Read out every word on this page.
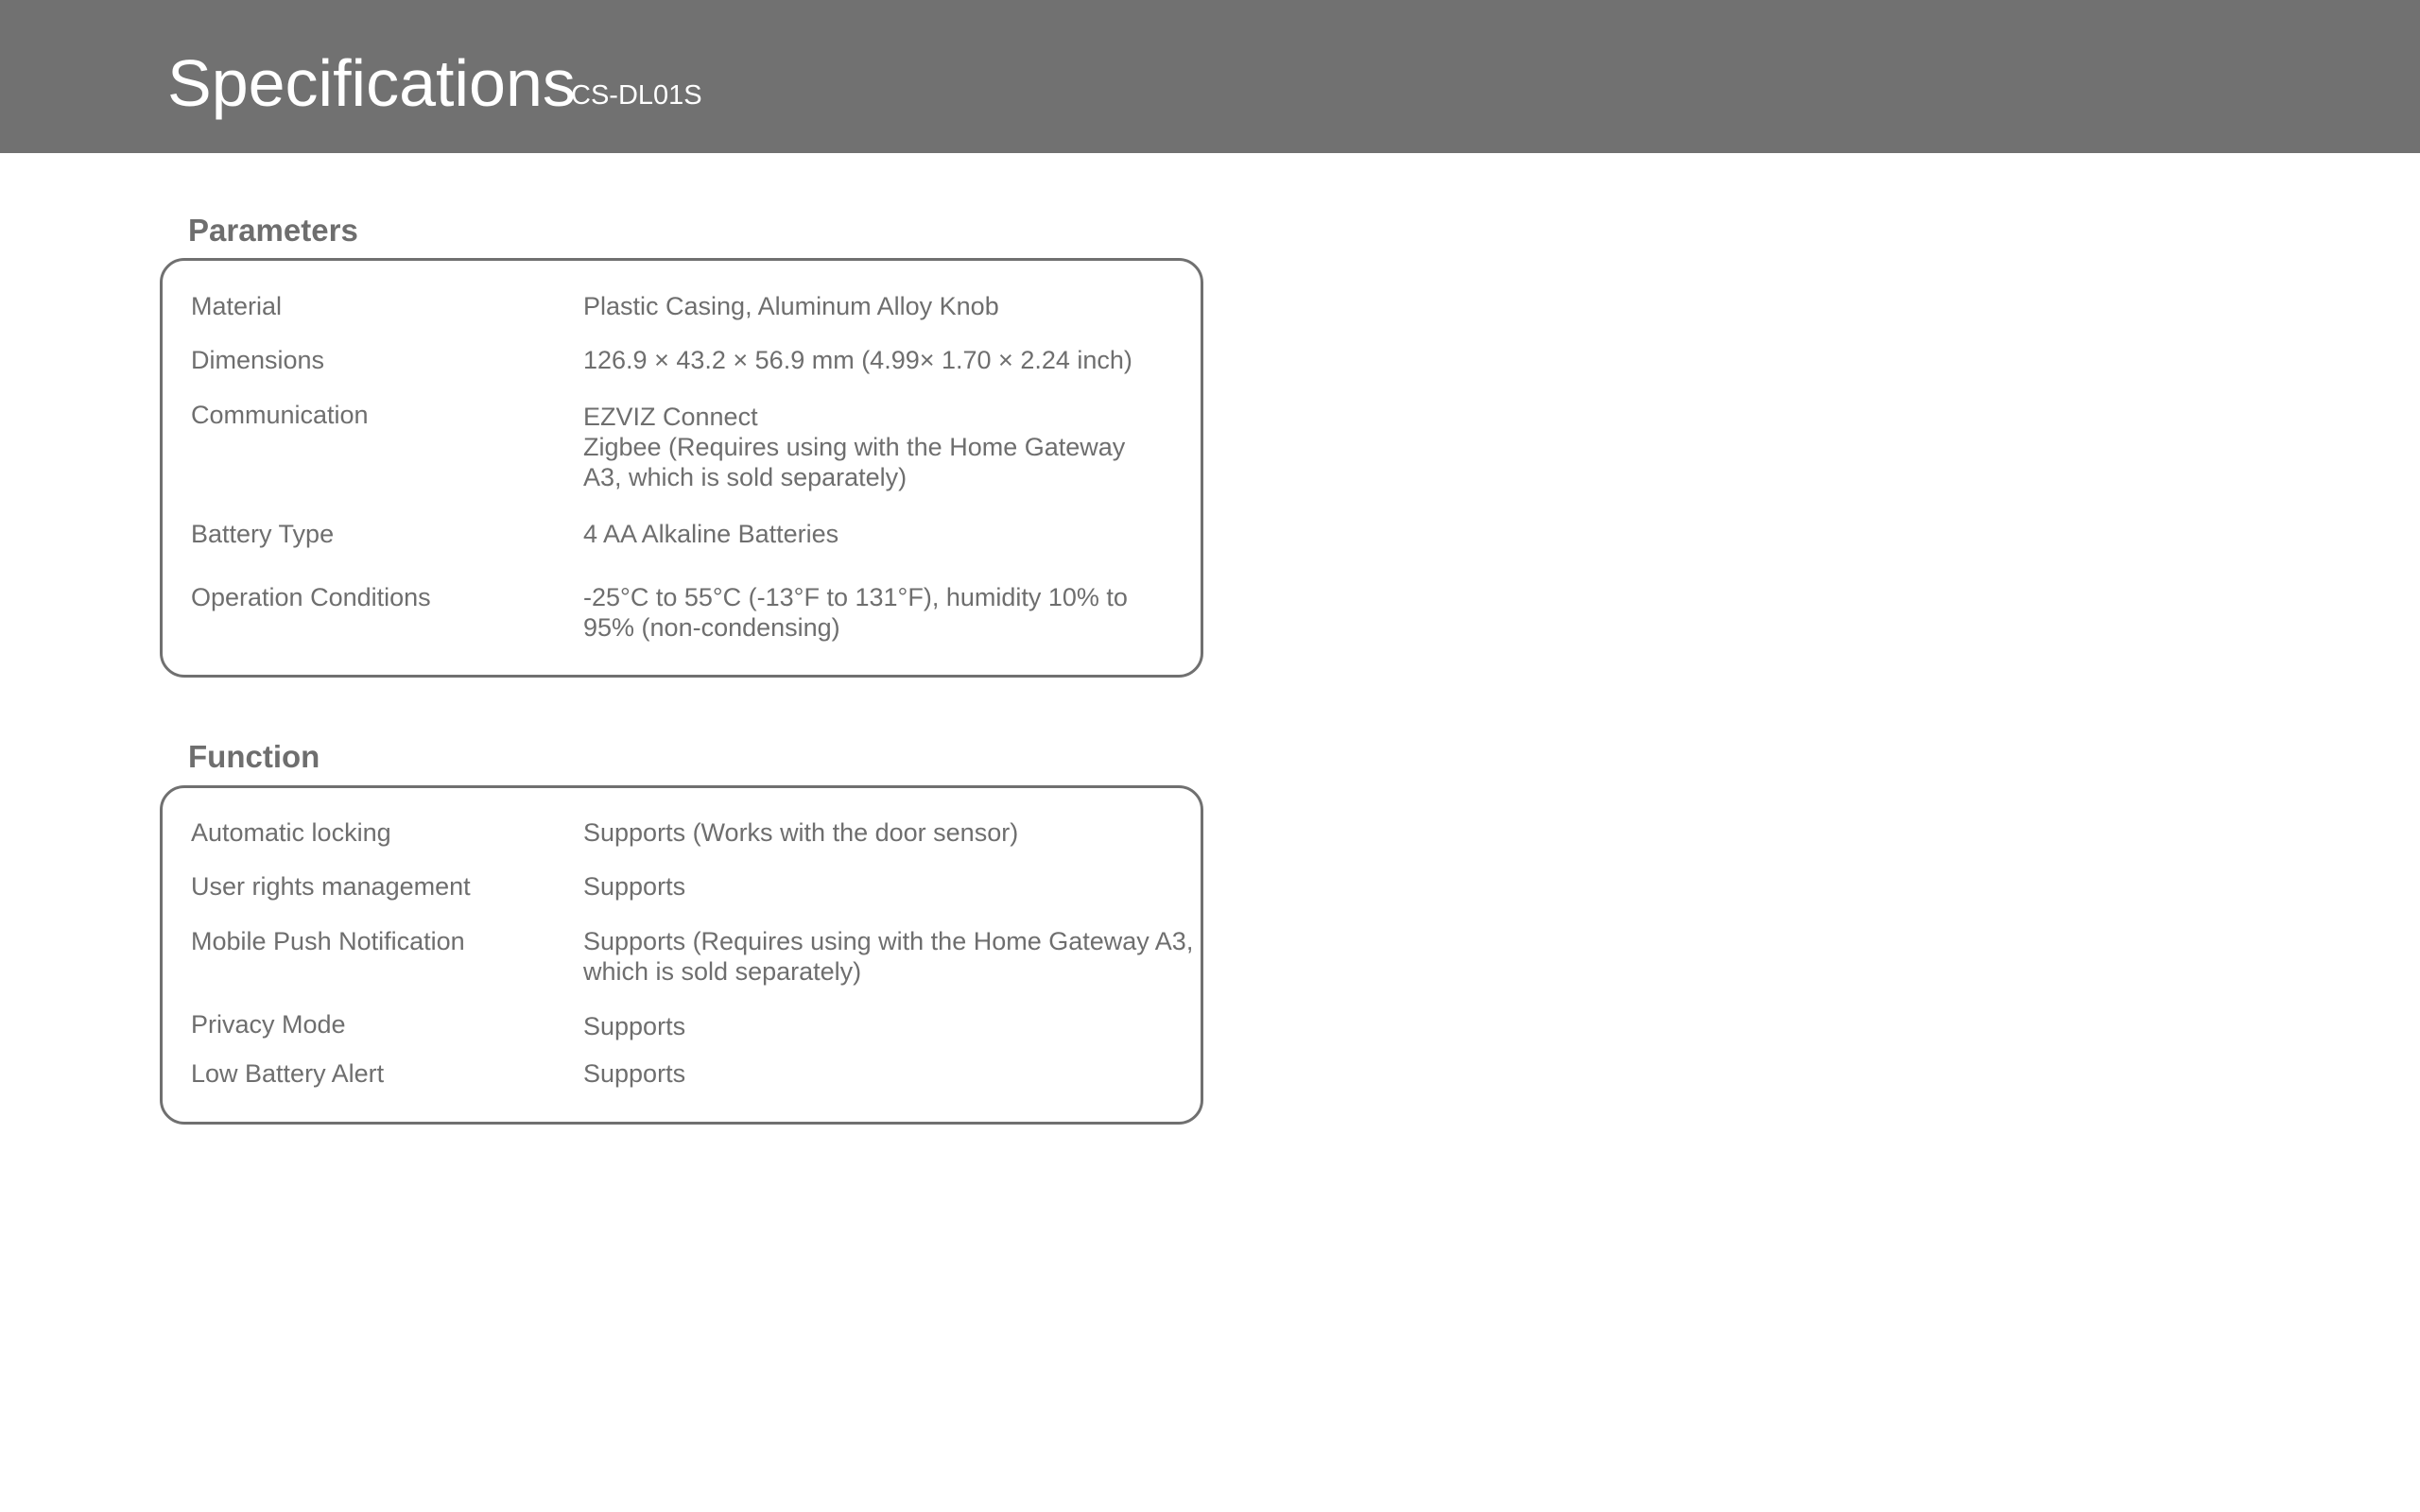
Specifications
CS-DL01S
Parameters
Material	Plastic Casing, Aluminum Alloy Knob
Dimensions	126.9 × 43.2 × 56.9 mm (4.99× 1.70 × 2.24 inch)
Communication	EZVIZ Connect
Zigbee (Requires using with the Home Gateway
A3, which is sold separately)
Battery Type	4 AA Alkaline Batteries
Operation Conditions	-25°C to 55°C (-13°F to 131°F), humidity 10% to
95% (non-condensing)
Function
Automatic locking	Supports (Works with the door sensor)
User rights management	Supports
Mobile Push Notification	Supports (Requires using with the Home Gateway A3,
which is sold separately)
Privacy Mode	Supports
Low Battery Alert	Supports
